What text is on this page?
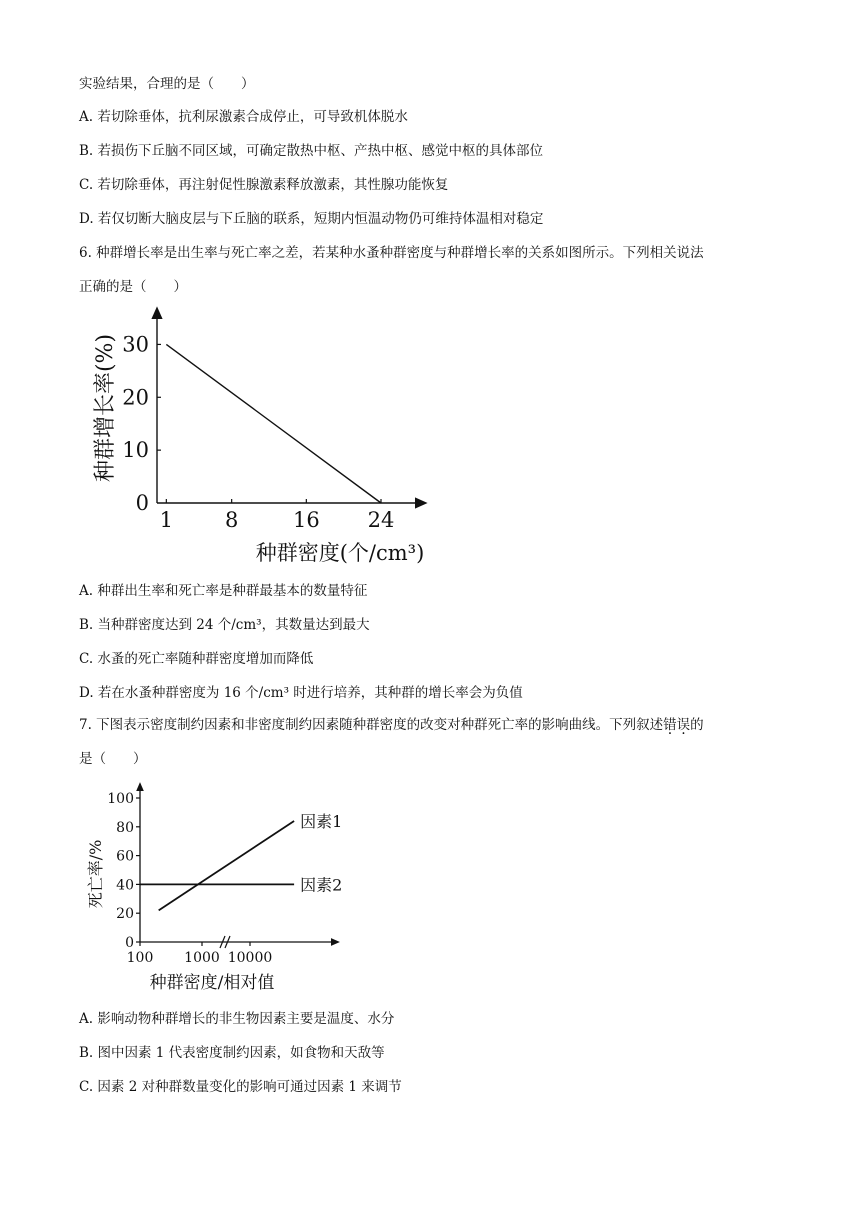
实验结果，合理的是（　　）
A. 若切除垂体，抗利尿激素合成停止，可导致机体脱水
B. 若损伤下丘脑不同区域，可确定散热中枢、产热中枢、感觉中枢的具体部位
C. 若切除垂体，再注射促性腺激素释放激素，其性腺功能恢复
D. 若仅切断大脑皮层与下丘脑的联系，短期内恒温动物仍可维持体温相对稳定
6. 种群增长率是出生率与死亡率之差，若某种水蚤种群密度与种群增长率的关系如图所示。下列相关说法
正确的是（　　）
0
10
20
30
1 8	16 24
种群增长率(%)
种群密度(个/cm³)
A. 种群出生率和死亡率是种群最基本的数量特征
B. 当种群密度达到 24 个/cm³，其数量达到最大
C. 水蚤的死亡率随种群密度增加而降低
D. 若在水蚤种群密度为 16 个/cm³ 时进行培养，其种群的增长率会为负值
7. 下图表示密度制约因素和非密度制约因素随种群密度的改变对种群死亡率的影响曲线。下列叙述错误的
是（　　）
0
20
40
60
80
100
100 1000 10000
因素1
因素2
死亡率/%
种群密度/相对值
A. 影响动物种群增长的非生物因素主要是温度、水分
B. 图中因素 1 代表密度制约因素，如食物和天敌等
C. 因素 2 对种群数量变化的影响可通过因素 1 来调节
